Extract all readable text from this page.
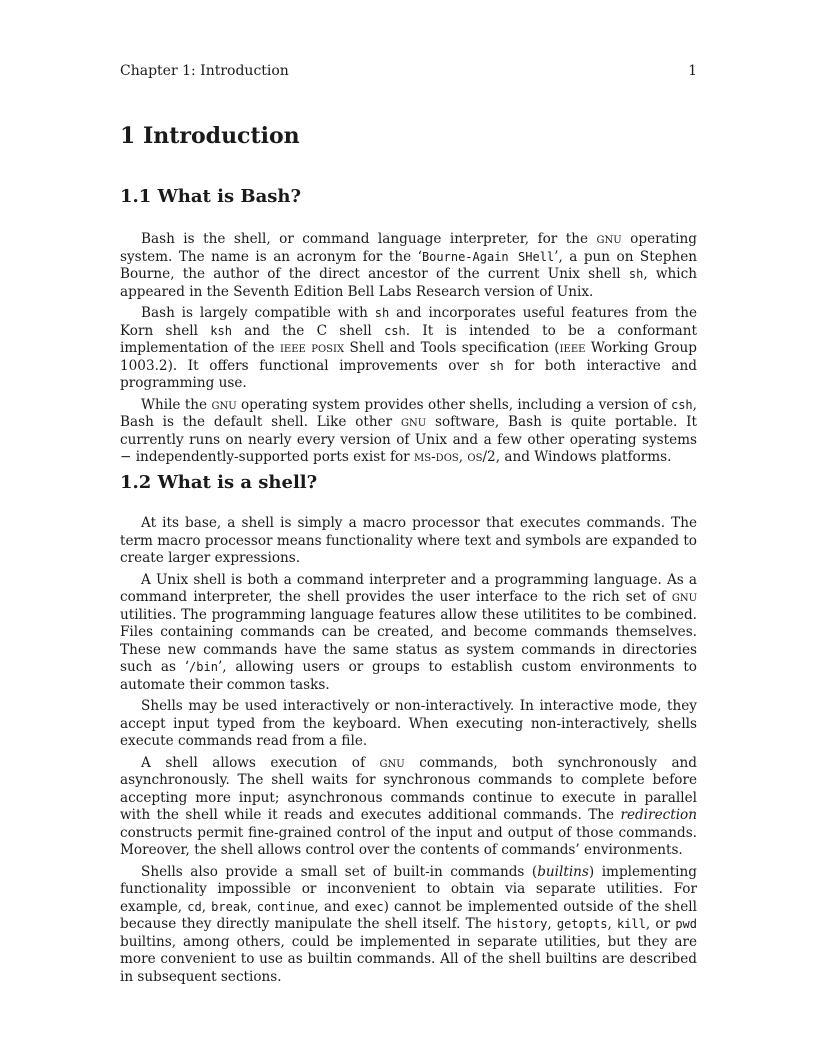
Chapter 1: Introduction	1
1 Introduction
1.1 What is Bash?

Bash is the shell, or command language interpreter, for the gnu operating system. The name is an acronym for the ‘Bourne-Again SHell’, a pun on Stephen Bourne, the author of the direct ancestor of the current Unix shell sh, which appeared in the Seventh Edition Bell Labs Research version of Unix.

Bash is largely compatible with sh and incorporates useful features from the Korn shell ksh and the C shell csh. It is intended to be a conformant implementation of the ieee posix Shell and Tools specification (ieee Working Group 1003.2). It offers functional improvements over sh for both interactive and programming use.

While the gnu operating system provides other shells, including a version of csh, Bash is the default shell. Like other gnu software, Bash is quite portable. It currently runs on nearly every version of Unix and a few other operating systems − independently-supported ports exist for ms-dos, os/2, and Windows platforms.

1.2 What is a shell?

At its base, a shell is simply a macro processor that executes commands. The term macro processor means functionality where text and symbols are expanded to create larger expressions.

A Unix shell is both a command interpreter and a programming language. As a command interpreter, the shell provides the user interface to the rich set of gnu utilities. The programming language features allow these utilitites to be combined. Files containing commands can be created, and become commands themselves. These new commands have the same status as system commands in directories such as ‘/bin’, allowing users or groups to establish custom environments to automate their common tasks.

Shells may be used interactively or non-interactively. In interactive mode, they accept input typed from the keyboard. When executing non-interactively, shells execute commands read from a file.

A shell allows execution of gnu commands, both synchronously and asynchronously. The shell waits for synchronous commands to complete before accepting more input; asynchronous commands continue to execute in parallel with the shell while it reads and executes additional commands. The redirection constructs permit fine-grained control of the input and output of those commands. Moreover, the shell allows control over the contents of commands’ environments.

Shells also provide a small set of built-in commands (builtins) implementing functionality impossible or inconvenient to obtain via separate utilities. For example, cd, break, continue, and exec) cannot be implemented outside of the shell because they directly manipulate the shell itself. The history, getopts, kill, or pwd builtins, among others, could be implemented in separate utilities, but they are more convenient to use as builtin commands. All of the shell builtins are described in subsequent sections.
